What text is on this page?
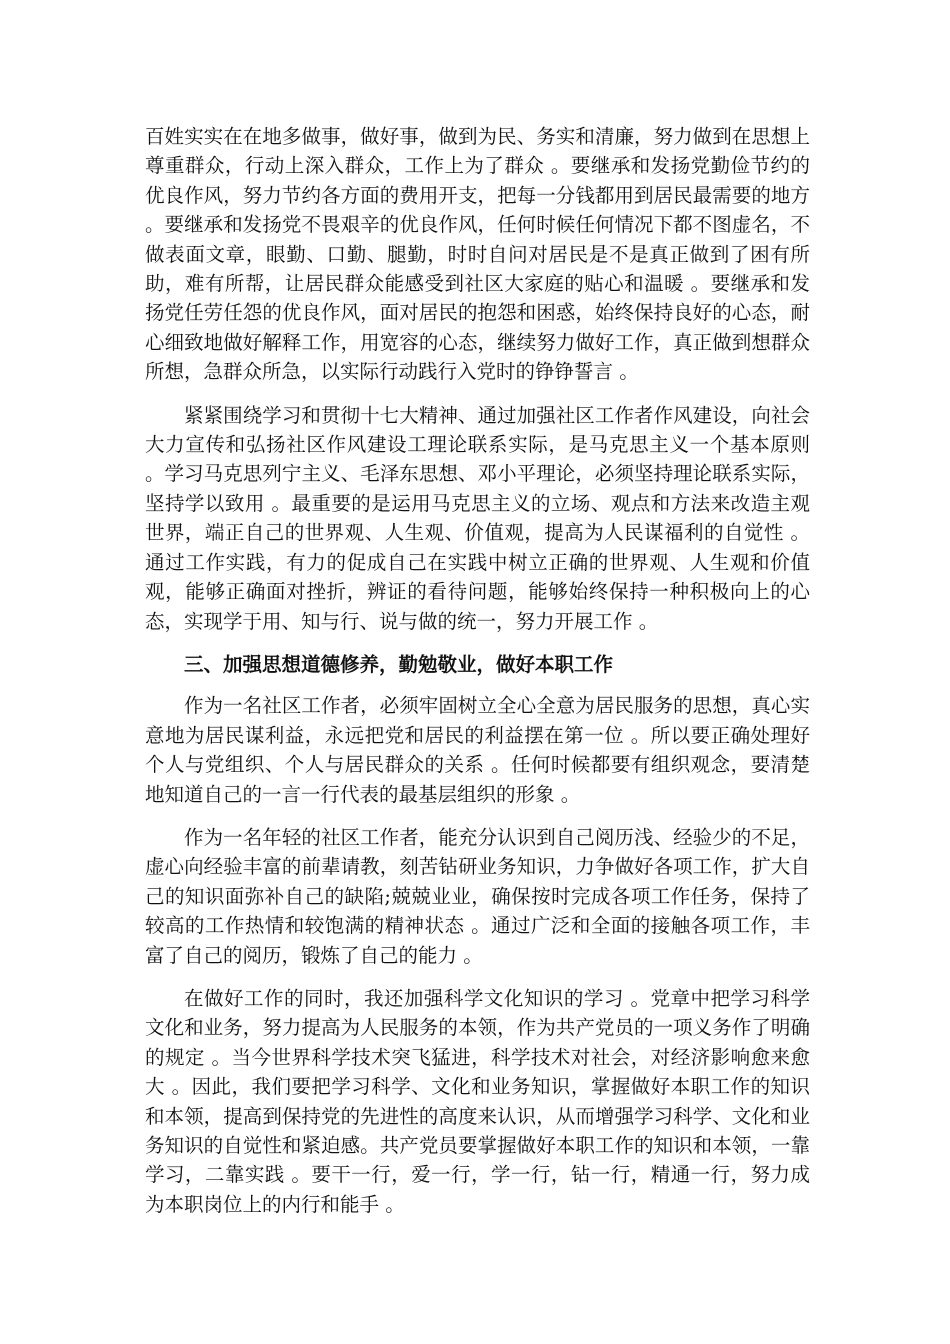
百姓实实在在地多做事，做好事，做到为民、务实和清廉，努力做到在思想上尊重群众，行动上深入群众，工作上为了群众 。要继承和发扬党勤俭节约的优良作风，努力节约各方面的费用开支，把每一分钱都用到居民最需要的地方 。要继承和发扬党不畏艰辛的优良作风，任何时候任何情况下都不图虚名，不做表面文章，眼勤、口勤、腿勤，时时自问对居民是不是真正做到了困有所助，难有所帮，让居民群众能感受到社区大家庭的贴心和温暖 。要继承和发扬党任劳任怨的优良作风，面对居民的抱怨和困惑，始终保持良好的心态，耐心细致地做好解释工作，用宽容的心态，继续努力做好工作，真正做到想群众所想，急群众所急，以实际行动践行入党时的铮铮誓言 。

紧紧围绕学习和贯彻十七大精神、通过加强社区工作者作风建设，向社会大力宣传和弘扬社区作风建设工理论联系实际，是马克思主义一个基本原则 。学习马克思列宁主义、毛泽东思想、邓小平理论，必须坚持理论联系实际，坚持学以致用 。最重要的是运用马克思主义的立场、观点和方法来改造主观世界，端正自己的世界观、人生观、价值观，提高为人民谋福利的自觉性 。通过工作实践，有力的促成自己在实践中树立正确的世界观、人生观和价值观，能够正确面对挫折，辨证的看待问题，能够始终保持一种积极向上的心态，实现学于用、知与行、说与做的统一，努力开展工作 。

三、加强思想道德修养，勤勉敬业，做好本职工作

作为一名社区工作者，必须牢固树立全心全意为居民服务的思想，真心实意地为居民谋利益，永远把党和居民的利益摆在第一位 。所以要正确处理好个人与党组织、个人与居民群众的关系 。任何时候都要有组织观念，要清楚地知道自己的一言一行代表的最基层组织的形象 。

作为一名年轻的社区工作者，能充分认识到自己阅历浅、经验少的不足，虚心向经验丰富的前辈请教，刻苦钻研业务知识，力争做好各项工作，扩大自己的知识面弥补自己的缺陷;兢兢业业，确保按时完成各项工作任务，保持了较高的工作热情和较饱满的精神状态 。通过广泛和全面的接触各项工作，丰富了自己的阅历，锻炼了自己的能力 。

在做好工作的同时，我还加强科学文化知识的学习 。党章中把学习科学文化和业务，努力提高为人民服务的本领，作为共产党员的一项义务作了明确的规定 。当今世界科学技术突飞猛进，科学技术对社会，对经济影响愈来愈大 。因此，我们要把学习科学、文化和业务知识，掌握做好本职工作的知识和本领，提高到保持党的先进性的高度来认识，从而增强学习科学、文化和业务知识的自觉性和紧迫感。共产党员要掌握做好本职工作的知识和本领，一靠学习，二靠实践 。要干一行，爱一行，学一行，钻一行，精通一行，努力成为本职岗位上的内行和能手 。
